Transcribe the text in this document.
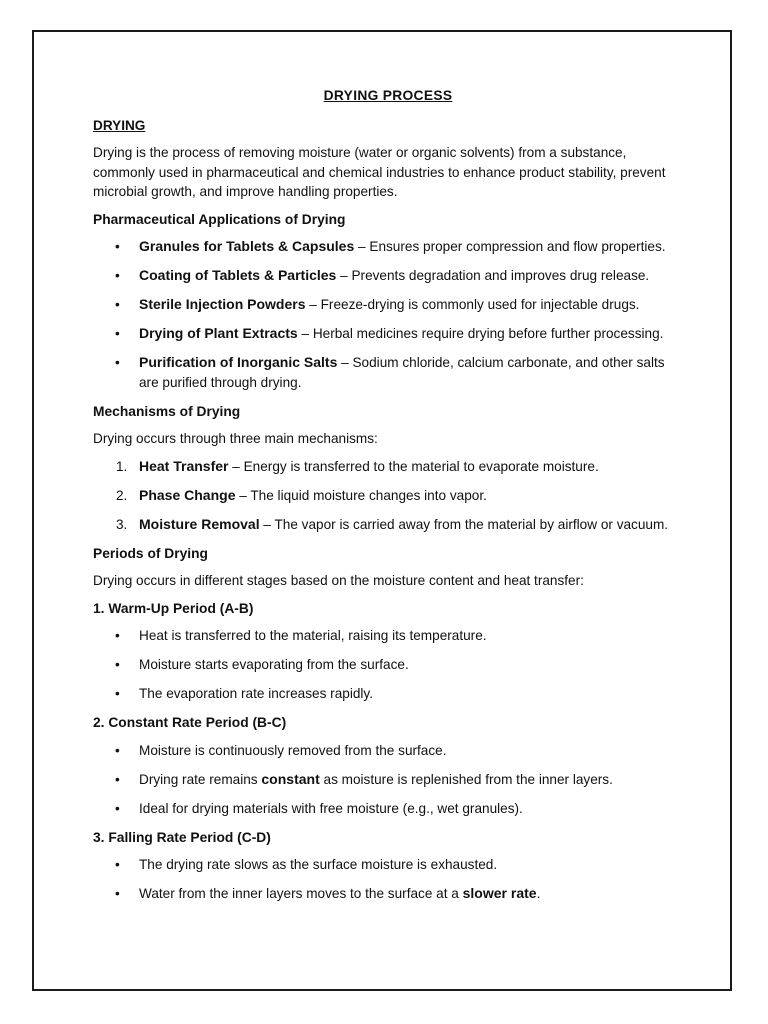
DRYING PROCESS
DRYING

Drying is the process of removing moisture (water or organic solvents) from a substance, commonly used in pharmaceutical and chemical industries to enhance product stability, prevent microbial growth, and improve handling properties.

Pharmaceutical Applications of Drying
• Granules for Tablets & Capsules – Ensures proper compression and flow properties.
• Coating of Tablets & Particles – Prevents degradation and improves drug release.
• Sterile Injection Powders – Freeze-drying is commonly used for injectable drugs.
• Drying of Plant Extracts – Herbal medicines require drying before further processing.
• Purification of Inorganic Salts – Sodium chloride, calcium carbonate, and other salts are purified through drying.
Mechanisms of Drying

Drying occurs through three main mechanisms:

1. Heat Transfer – Energy is transferred to the material to evaporate moisture.
2. Phase Change – The liquid moisture changes into vapor.
3. Moisture Removal – The vapor is carried away from the material by airflow or vacuum.
Periods of Drying

Drying occurs in different stages based on the moisture content and heat transfer:

1. Warm-Up Period (A-B)
• Heat is transferred to the material, raising its temperature.
• Moisture starts evaporating from the surface.
• The evaporation rate increases rapidly.
2. Constant Rate Period (B-C)
• Moisture is continuously removed from the surface.
• Drying rate remains constant as moisture is replenished from the inner layers.
• Ideal for drying materials with free moisture (e.g., wet granules).
3. Falling Rate Period (C-D)
• The drying rate slows as the surface moisture is exhausted.
• Water from the inner layers moves to the surface at a slower rate.
